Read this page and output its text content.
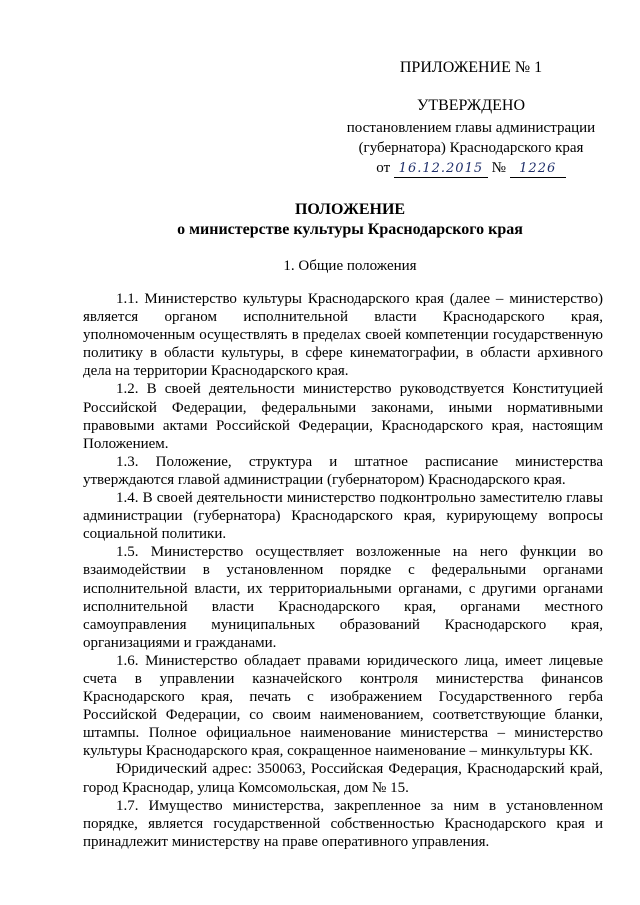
ПРИЛОЖЕНИЕ № 1
УТВЕРЖДЕНО
постановлением главы администрации
(губернатора) Краснодарского края
от 16.12.2015 № 1226
ПОЛОЖЕНИЕ
о министерстве культуры Краснодарского края
1. Общие положения

1.1. Министерство культуры Краснодарского края (далее – министерство) является органом исполнительной власти Краснодарского края, уполномоченным осуществлять в пределах своей компетенции государственную политику в области культуры, в сфере кинематографии, в области архивного дела на территории Краснодарского края.

1.2. В своей деятельности министерство руководствуется Конституцией Российской Федерации, федеральными законами, иными нормативными правовыми актами Российской Федерации, Краснодарского края, настоящим Положением.

1.3. Положение, структура и штатное расписание министерства утверждаются главой администрации (губернатором) Краснодарского края.

1.4. В своей деятельности министерство подконтрольно заместителю главы администрации (губернатора) Краснодарского края, курирующему вопросы социальной политики.

1.5. Министерство осуществляет возложенные на него функции во взаимодействии в установленном порядке с федеральными органами исполнительной власти, их территориальными органами, с другими органами исполнительной власти Краснодарского края, органами местного самоуправления муниципальных образований Краснодарского края, организациями и гражданами.

1.6. Министерство обладает правами юридического лица, имеет лицевые счета в управлении казначейского контроля министерства финансов Краснодарского края, печать с изображением Государственного герба Российской Федерации, со своим наименованием, соответствующие бланки, штампы. Полное официальное наименование министерства – министерство культуры Краснодарского края, сокращенное наименование – минкультуры КК.

Юридический адрес: 350063, Российская Федерация, Краснодарский край, город Краснодар, улица Комсомольская, дом № 15.

1.7. Имущество министерства, закрепленное за ним в установленном порядке, является государственной собственностью Краснодарского края и принадлежит министерству на праве оперативного управления.
